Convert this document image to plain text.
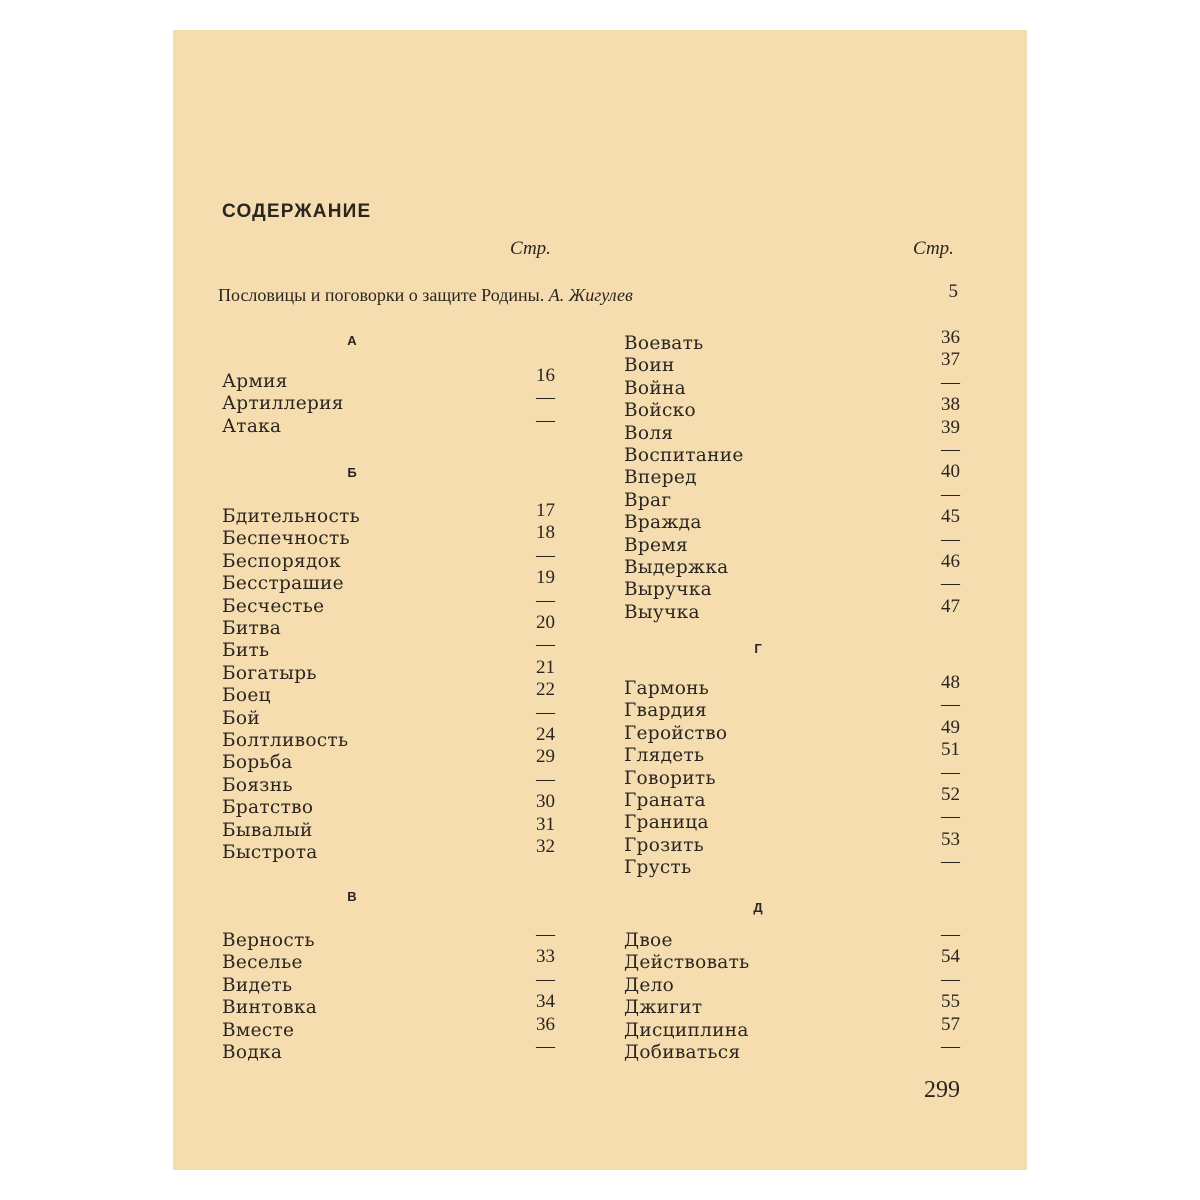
СОДЕРЖАНИЕ
Стр.	Стр.
Пословицы и поговорки о защите Родины. А. Жигулев	5
А
Армия	16
Артиллерия	—
Атака	—
Б
Бдительность	17
Беспечность	18
Беспорядок	—
Бесстрашие	19
Бесчестье	—
Битва	20
Бить	—
Богатырь	21
Боец	22
Бой	—
Болтливость	24
Борьба	29
Боязнь	—
Братство	30
Бывалый	31
Быстрота	32
В
Верность	—
Веселье	33
Видеть	—
Винтовка	34
Вместе	36
Водка	—
Воевать	36
Воин	37
Война	—
Войско	38
Воля	39
Воспитание	—
Вперед	40
Враг	—
Вражда	45
Время	—
Выдержка	46
Выручка	—
Выучка	47
Г
Гармонь	48
Гвардия	—
Геройство	49
Глядеть	51
Говорить	—
Граната	52
Граница	—
Грозить	53
Грусть	—
Д
Двое	—
Действовать	54
Дело	—
Джигит	55
Дисциплина	57
Добиваться	—
299
